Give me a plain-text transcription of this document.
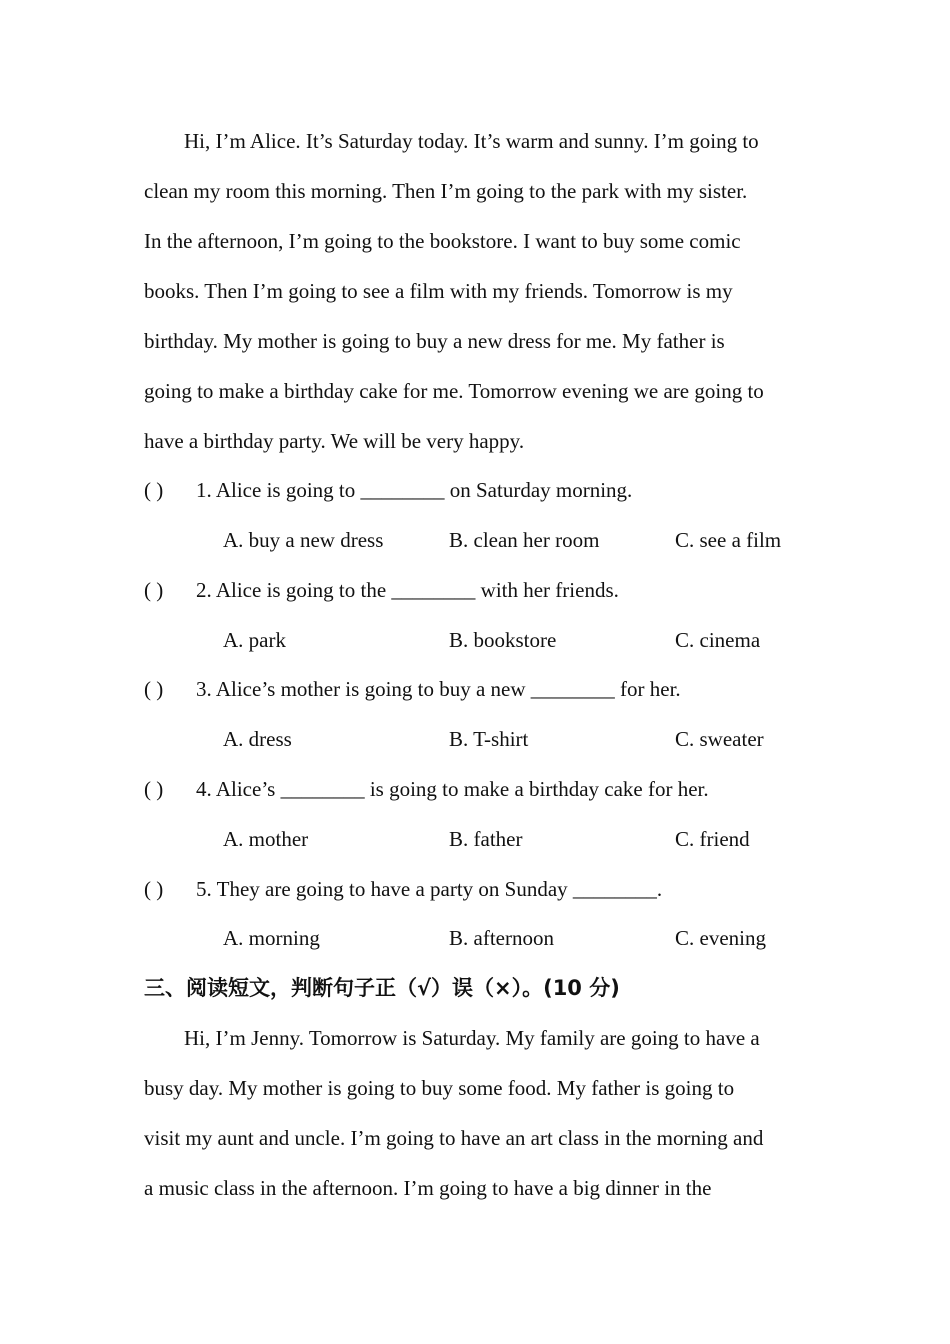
Hi, I’m Alice. It’s Saturday today. It’s warm and sunny. I’m going to
clean my room this morning. Then I’m going to the park with my sister.
In the afternoon, I’m going to the bookstore. I want to buy some comic
books. Then I’m going to see a film with my friends. Tomorrow is my
birthday. My mother is going to buy a new dress for me. My father is
going to make a birthday cake for me. Tomorrow evening we are going to
have a birthday party. We will be very happy.
( ) 1. Alice is going to ________ on Saturday morning.
A. buy a new dress	B. clean her room	C. see a film
( ) 2. Alice is going to the ________ with her friends.
A. park	B. bookstore	C. cinema
( ) 3. Alice’s mother is going to buy a new ________ for her.
A. dress	B. T-shirt	C. sweater
( ) 4. Alice’s ________ is going to make a birthday cake for her.
A. mother	B. father	C. friend
( ) 5. They are going to have a party on Sunday ________.
A. morning	B. afternoon	C. evening
三、阅读短文，判断句子正（√）误（×）。(10 分)
Hi, I’m Jenny. Tomorrow is Saturday. My family are going to have a
busy day. My mother is going to buy some food. My father is going to
visit my aunt and uncle. I’m going to have an art class in the morning and
a music class in the afternoon. I’m going to have a big dinner in the
